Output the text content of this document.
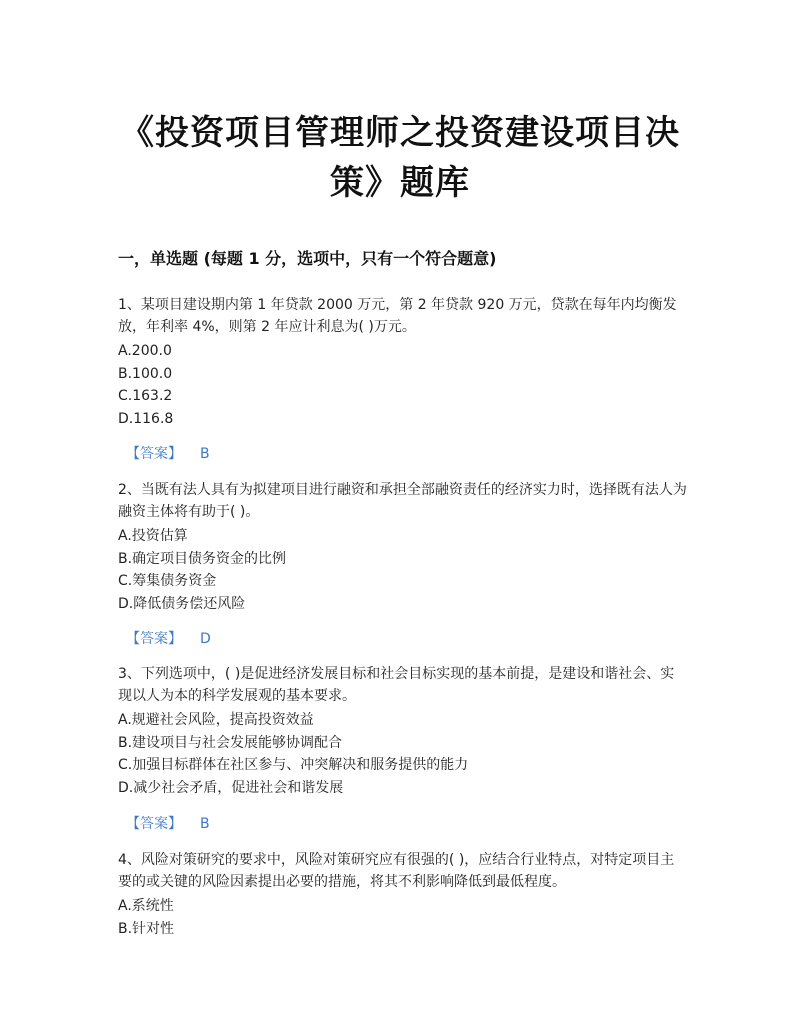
《投资项目管理师之投资建设项目决
策》题库
一，单选题 (每题 1 分，选项中，只有一个符合题意)

1、某项目建设期内第 1 年贷款 2000 万元，第 2 年贷款 920 万元，贷款在每年内均衡发放，年利率 4%，则第 2 年应计利息为( )万元。

A.200.0

B.100.0

C.163.2

D.116.8

【答案】 B

2、当既有法人具有为拟建项目进行融资和承担全部融资责任的经济实力时，选择既有法人为融资主体将有助于( )。

A.投资估算

B.确定项目债务资金的比例

C.筹集债务资金

D.降低债务偿还风险

【答案】 D

3、下列选项中，( )是促进经济发展目标和社会目标实现的基本前提，是建设和谐社会、实现以人为本的科学发展观的基本要求。

A.规避社会风险，提高投资效益

B.建设项目与社会发展能够协调配合

C.加强目标群体在社区参与、冲突解决和服务提供的能力

D.减少社会矛盾，促进社会和谐发展

【答案】 B

4、风险对策研究的要求中，风险对策研究应有很强的( )，应结合行业特点，对特定项目主要的或关键的风险因素提出必要的措施，将其不利影响降低到最低程度。

A.系统性

B.针对性
